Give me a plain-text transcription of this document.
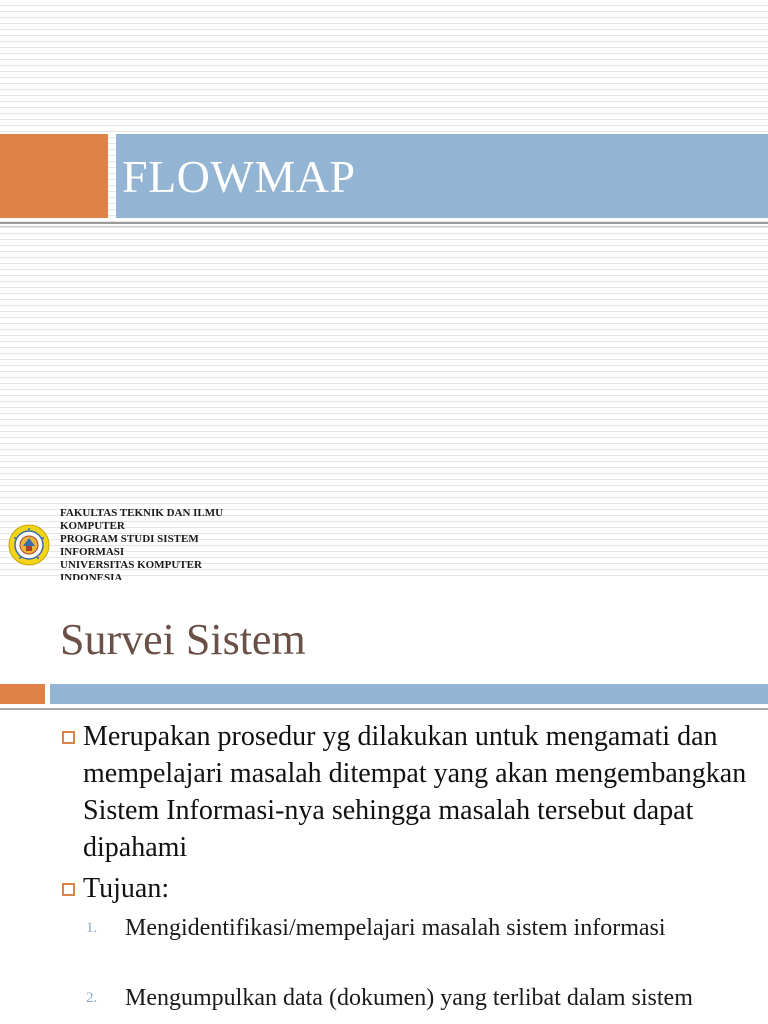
FLOWMAP
FAKULTAS TEKNIK DAN ILMU
KOMPUTER
PROGRAM STUDI SISTEM
INFORMASI
UNIVERSITAS KOMPUTER
INDONESIA
Survei Sistem
Merupakan prosedur yg dilakukan untuk mengamati dan mempelajari masalah ditempat yang akan mengembangkan Sistem Informasi-nya sehingga masalah tersebut dapat dipahami
Tujuan:
1. Mengidentifikasi/mempelajari masalah sistem informasi
2. Mengumpulkan data (dokumen) yang terlibat dalam sistem
